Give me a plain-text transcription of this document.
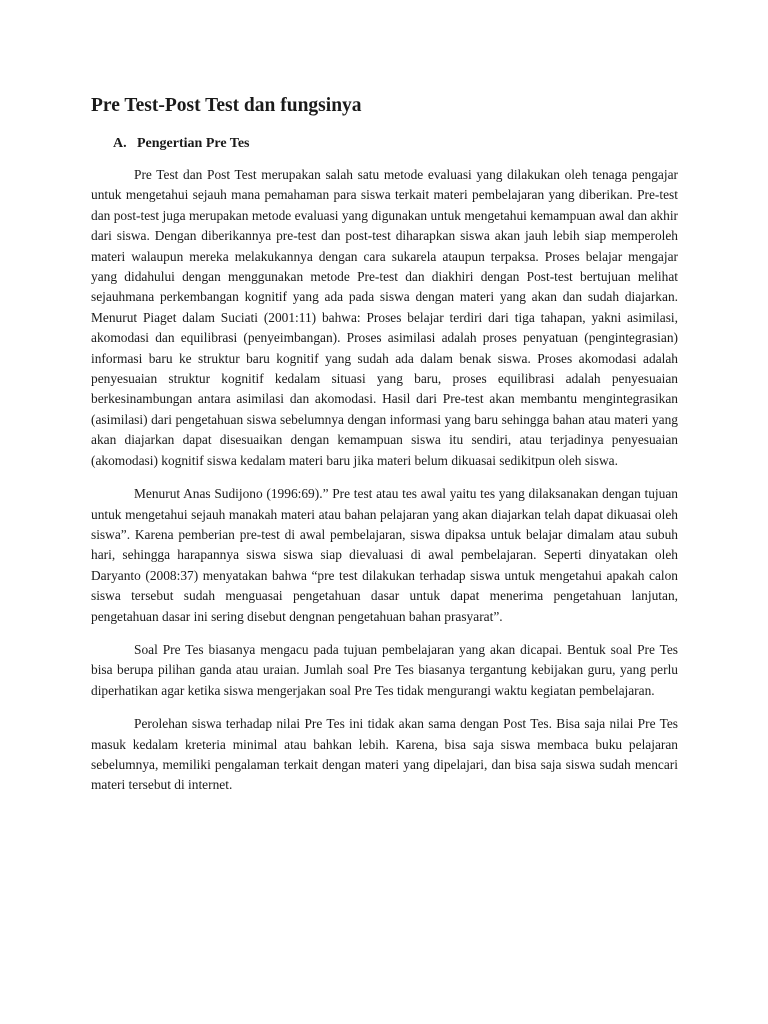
Pre Test-Post Test dan fungsinya
A. Pengertian Pre Tes

Pre Test dan Post Test merupakan salah satu metode evaluasi yang dilakukan oleh tenaga pengajar untuk mengetahui sejauh mana pemahaman para siswa terkait materi pembelajaran yang diberikan. Pre-test dan post-test juga merupakan metode evaluasi yang digunakan untuk mengetahui kemampuan awal dan akhir dari siswa. Dengan diberikannya pre-test dan post-test diharapkan siswa akan jauh lebih siap memperoleh materi walaupun mereka melakukannya dengan cara sukarela ataupun terpaksa. Proses belajar mengajar yang didahului dengan menggunakan metode Pre-test dan diakhiri dengan Post-test bertujuan melihat sejauhmana perkembangan kognitif yang ada pada siswa dengan materi yang akan dan sudah diajarkan. Menurut Piaget dalam Suciati (2001:11) bahwa: Proses belajar terdiri dari tiga tahapan, yakni asimilasi, akomodasi dan equilibrasi (penyeimbangan). Proses asimilasi adalah proses penyatuan (pengintegrasian) informasi baru ke struktur baru kognitif yang sudah ada dalam benak siswa. Proses akomodasi adalah penyesuaian struktur kognitif kedalam situasi yang baru, proses equilibrasi adalah penyesuaian berkesinambungan antara asimilasi dan akomodasi. Hasil dari Pre-test akan membantu mengintegrasikan (asimilasi) dari pengetahuan siswa sebelumnya dengan informasi yang baru sehingga bahan atau materi yang akan diajarkan dapat disesuaikan dengan kemampuan siswa itu sendiri, atau terjadinya penyesuaian (akomodasi) kognitif siswa kedalam materi baru jika materi belum dikuasai sedikitpun oleh siswa.

Menurut Anas Sudijono (1996:69).” Pre test atau tes awal yaitu tes yang dilaksanakan dengan tujuan untuk mengetahui sejauh manakah materi atau bahan pelajaran yang akan diajarkan telah dapat dikuasai oleh siswa”. Karena pemberian pre-test di awal pembelajaran, siswa dipaksa untuk belajar dimalam atau subuh hari, sehingga harapannya siswa siswa siap dievaluasi di awal pembelajaran. Seperti dinyatakan oleh Daryanto (2008:37) menyatakan bahwa “pre test dilakukan terhadap siswa untuk mengetahui apakah calon siswa tersebut sudah menguasai pengetahuan dasar untuk dapat menerima pengetahuan lanjutan, pengetahuan dasar ini sering disebut dengnan pengetahuan bahan prasyarat”.

Soal Pre Tes biasanya mengacu pada tujuan pembelajaran yang akan dicapai. Bentuk soal Pre Tes bisa berupa pilihan ganda atau uraian. Jumlah soal Pre Tes biasanya tergantung kebijakan guru, yang perlu diperhatikan agar ketika siswa mengerjakan soal Pre Tes tidak mengurangi waktu kegiatan pembelajaran.

Perolehan siswa terhadap nilai Pre Tes ini tidak akan sama dengan Post Tes. Bisa saja nilai Pre Tes masuk kedalam kreteria minimal atau bahkan lebih. Karena, bisa saja siswa membaca buku pelajaran sebelumnya, memiliki pengalaman terkait dengan materi yang dipelajari, dan bisa saja siswa sudah mencari materi tersebut di internet.
